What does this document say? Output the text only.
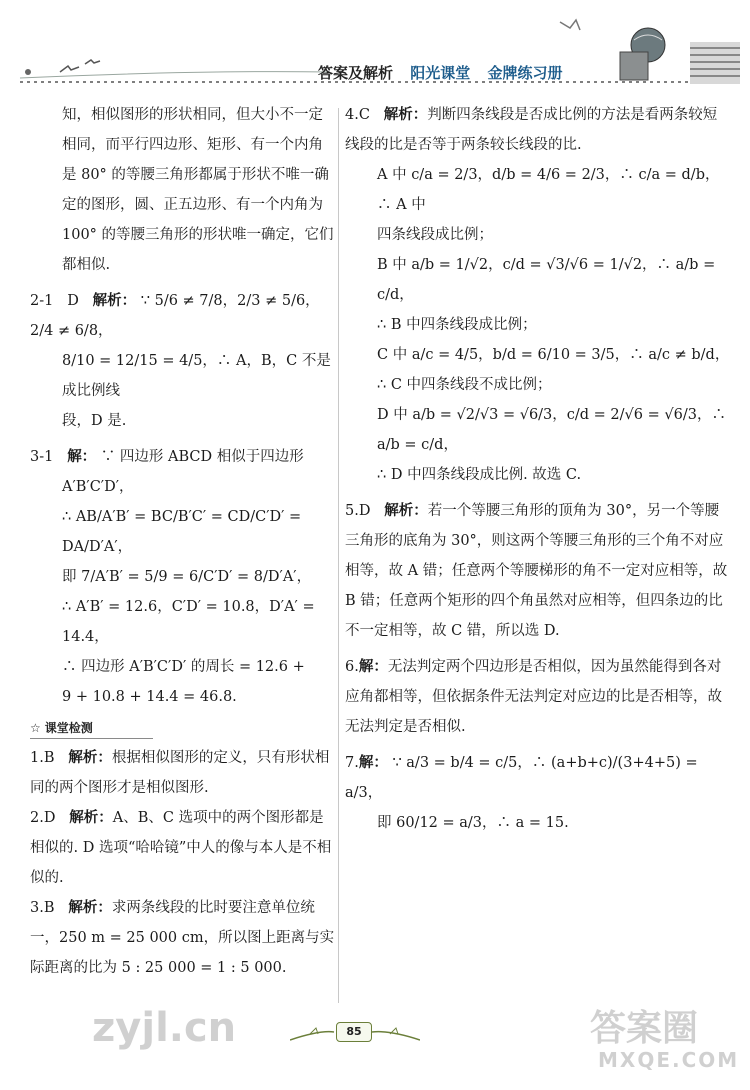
答案及解析 阳光课堂 金牌练习册

知，相似图形的形状相同，但大小不一定相同，而平行四边形、矩形、有一个内角是 80° 的等腰三角形都属于形状不唯一确定的图形，圆、正五边形、有一个内角为 100° 的等腰三角形的形状唯一确定，它们都相似.

2-1 D 解析： ∵ 5/6 ≠ 7/8，2/3 ≠ 5/6，2/4 ≠ 6/8，

8/10 = 12/15 = 4/5，∴ A，B，C 不是成比例线

段，D 是.

3-1 解： ∵ 四边形 ABCD 相似于四边形

A′B′C′D′，

∴ AB/A′B′ = BC/B′C′ = CD/C′D′ = DA/D′A′，

即 7/A′B′ = 5/9 = 6/C′D′ = 8/D′A′，

∴ A′B′ = 12.6，C′D′ = 10.8，D′A′ =

14.4，

∴ 四边形 A′B′C′D′ 的周长 = 12.6 +

9 + 10.8 + 14.4 = 46.8.

☆ 课堂检测

1.B 解析：根据相似图形的定义，只有形状相同的两个图形才是相似图形.

2.D 解析：A、B、C 选项中的两个图形都是相似的. D 选项“哈哈镜”中人的像与本人是不相似的.

3.B 解析：求两条线段的比时要注意单位统一，250 m = 25 000 cm，所以图上距离与实际距离的比为 5 : 25 000 = 1 : 5 000.

4.C 解析：判断四条线段是否成比例的方法是看两条较短线段的比是否等于两条较长线段的比.

A 中 c/a = 2/3，d/b = 4/6 = 2/3，∴ c/a = d/b，∴ A 中

四条线段成比例；

B 中 a/b = 1/√2，c/d = √3/√6 = 1/√2，∴ a/b = c/d，

∴ B 中四条线段成比例；

C 中 a/c = 4/5，b/d = 6/10 = 3/5，∴ a/c ≠ b/d，

∴ C 中四条线段不成比例；

D 中 a/b = √2/√3 = √6/3，c/d = 2/√6 = √6/3，∴ a/b = c/d，

∴ D 中四条线段成比例. 故选 C.

5.D 解析：若一个等腰三角形的顶角为 30°，另一个等腰三角形的底角为 30°，则这两个等腰三角形的三个角不对应相等，故 A 错；任意两个等腰梯形的角不一定对应相等，故 B 错；任意两个矩形的四个角虽然对应相等，但四条边的比不一定相等，故 C 错，所以选 D.

6.解：无法判定两个四边形是否相似，因为虽然能得到各对应角都相等，但依据条件无法判定对应边的比是否相等，故无法判定是否相似.

7.解： ∵ a/3 = b/4 = c/5，∴ (a+b+c)/(3+4+5) = a/3，

即 60/12 = a/3，∴ a = 15.

85
zyjl.cn	答案圈
MXQE.COM
